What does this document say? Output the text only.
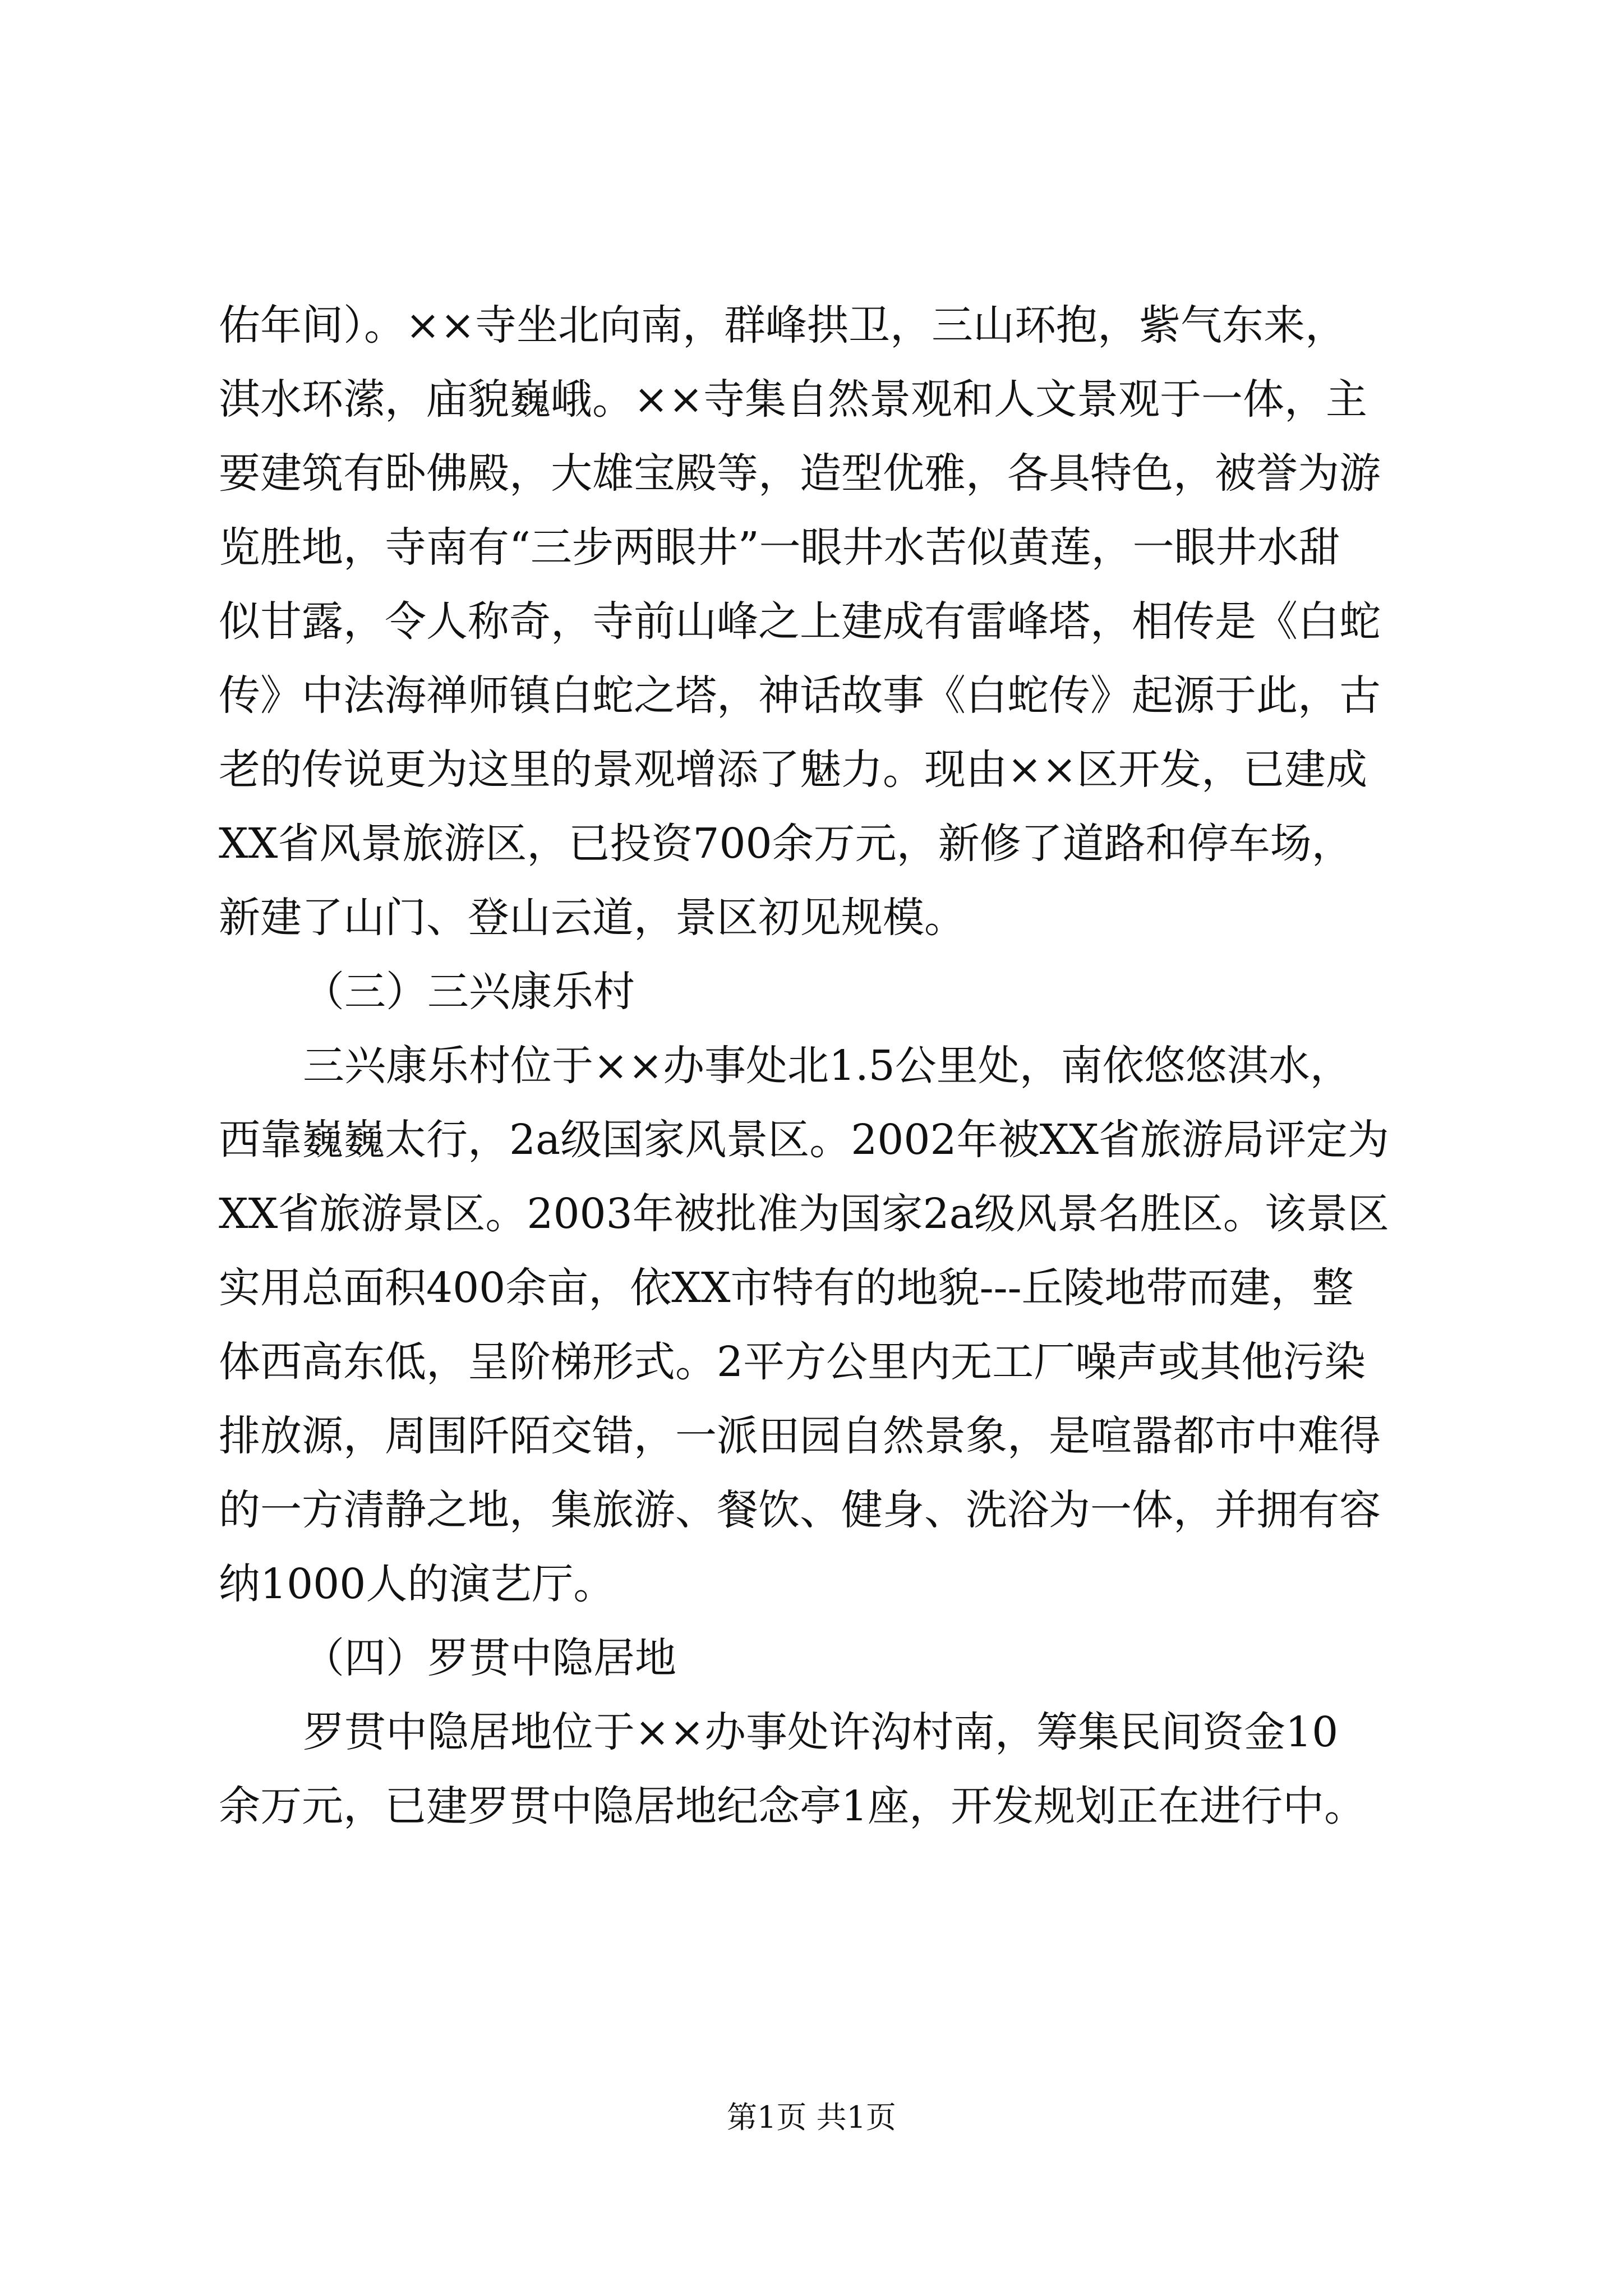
佑年间）。××寺坐北向南，群峰拱卫，三山环抱，紫气东来，
淇水环潆，庙貌巍峨。××寺集自然景观和人文景观于一体，主
要建筑有卧佛殿，大雄宝殿等，造型优雅，各具特色，被誉为游
览胜地，寺南有“三步两眼井”一眼井水苦似黄莲，一眼井水甜
似甘露，令人称奇，寺前山峰之上建成有雷峰塔，相传是《白蛇
传》中法海禅师镇白蛇之塔，神话故事《白蛇传》起源于此，古
老的传说更为这里的景观增添了魅力。现由××区开发，已建成
XX省风景旅游区，已投资700余万元，新修了道路和停车场，
新建了山门、登山云道，景区初见规模。
（三）三兴康乐村
三兴康乐村位于××办事处北1.5公里处，南依悠悠淇水，
西靠巍巍太行，2a级国家风景区。2002年被XX省旅游局评定为
XX省旅游景区。2003年被批准为国家2a级风景名胜区。该景区
实用总面积400余亩，依XX市特有的地貌---丘陵地带而建，整
体西高东低，呈阶梯形式。2平方公里内无工厂噪声或其他污染
排放源，周围阡陌交错，一派田园自然景象，是喧嚣都市中难得
的一方清静之地，集旅游、餐饮、健身、洗浴为一体，并拥有容
纳1000人的演艺厅。
（四）罗贯中隐居地
罗贯中隐居地位于××办事处许沟村南，筹集民间资金10
余万元，已建罗贯中隐居地纪念亭1座，开发规划正在进行中。
第1页 共1页
